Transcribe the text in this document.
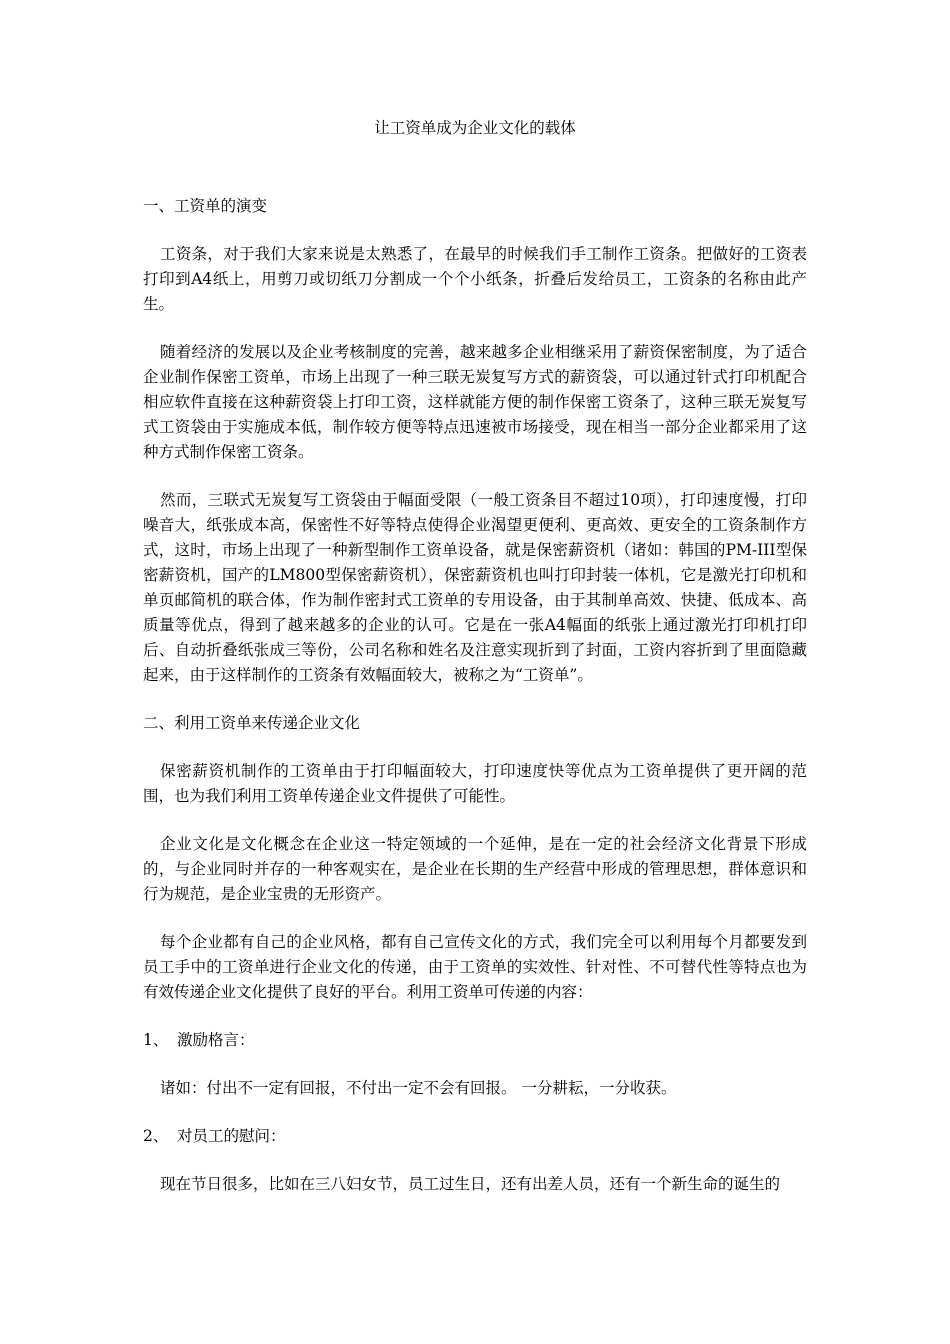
让工资单成为企业文化的载体
一、工资单的演变

工资条，对于我们大家来说是太熟悉了，在最早的时候我们手工制作工资条。把做好的工资表打印到A4纸上，用剪刀或切纸刀分割成一个个小纸条，折叠后发给员工，工资条的名称由此产生。

随着经济的发展以及企业考核制度的完善，越来越多企业相继采用了薪资保密制度，为了适合企业制作保密工资单，市场上出现了一种三联无炭复写方式的薪资袋，可以通过针式打印机配合相应软件直接在这种薪资袋上打印工资，这样就能方便的制作保密工资条了，这种三联无炭复写式工资袋由于实施成本低，制作较方便等特点迅速被市场接受，现在相当一部分企业都采用了这种方式制作保密工资条。

然而，三联式无炭复写工资袋由于幅面受限（一般工资条目不超过10项），打印速度慢，打印噪音大，纸张成本高，保密性不好等特点使得企业渴望更便利、更高效、更安全的工资条制作方式，这时，市场上出现了一种新型制作工资单设备，就是保密薪资机（诸如：韩国的PM-III型保密薪资机，国产的LM800型保密薪资机），保密薪资机也叫打印封装一体机，它是激光打印机和单页邮简机的联合体，作为制作密封式工资单的专用设备，由于其制单高效、快捷、低成本、高质量等优点，得到了越来越多的企业的认可。它是在一张A4幅面的纸张上通过激光打印机打印后、自动折叠纸张成三等份，公司名称和姓名及注意实现折到了封面，工资内容折到了里面隐藏起来，由于这样制作的工资条有效幅面较大，被称之为“工资单”。

二、利用工资单来传递企业文化

保密薪资机制作的工资单由于打印幅面较大，打印速度快等优点为工资单提供了更开阔的范围，也为我们利用工资单传递企业文件提供了可能性。

企业文化是文化概念在企业这一特定领域的一个延伸，是在一定的社会经济文化背景下形成的，与企业同时并存的一种客观实在，是企业在长期的生产经营中形成的管理思想，群体意识和行为规范，是企业宝贵的无形资产。

每个企业都有自己的企业风格，都有自己宣传文化的方式，我们完全可以利用每个月都要发到员工手中的工资单进行企业文化的传递，由于工资单的实效性、针对性、不可替代性等特点也为有效传递企业文化提供了良好的平台。利用工资单可传递的内容：

1、 激励格言：

诸如：付出不一定有回报，不付出一定不会有回报。 一分耕耘，一分收获。

2、 对员工的慰问：

现在节日很多，比如在三八妇女节，员工过生日，还有出差人员，还有一个新生命的诞生的
